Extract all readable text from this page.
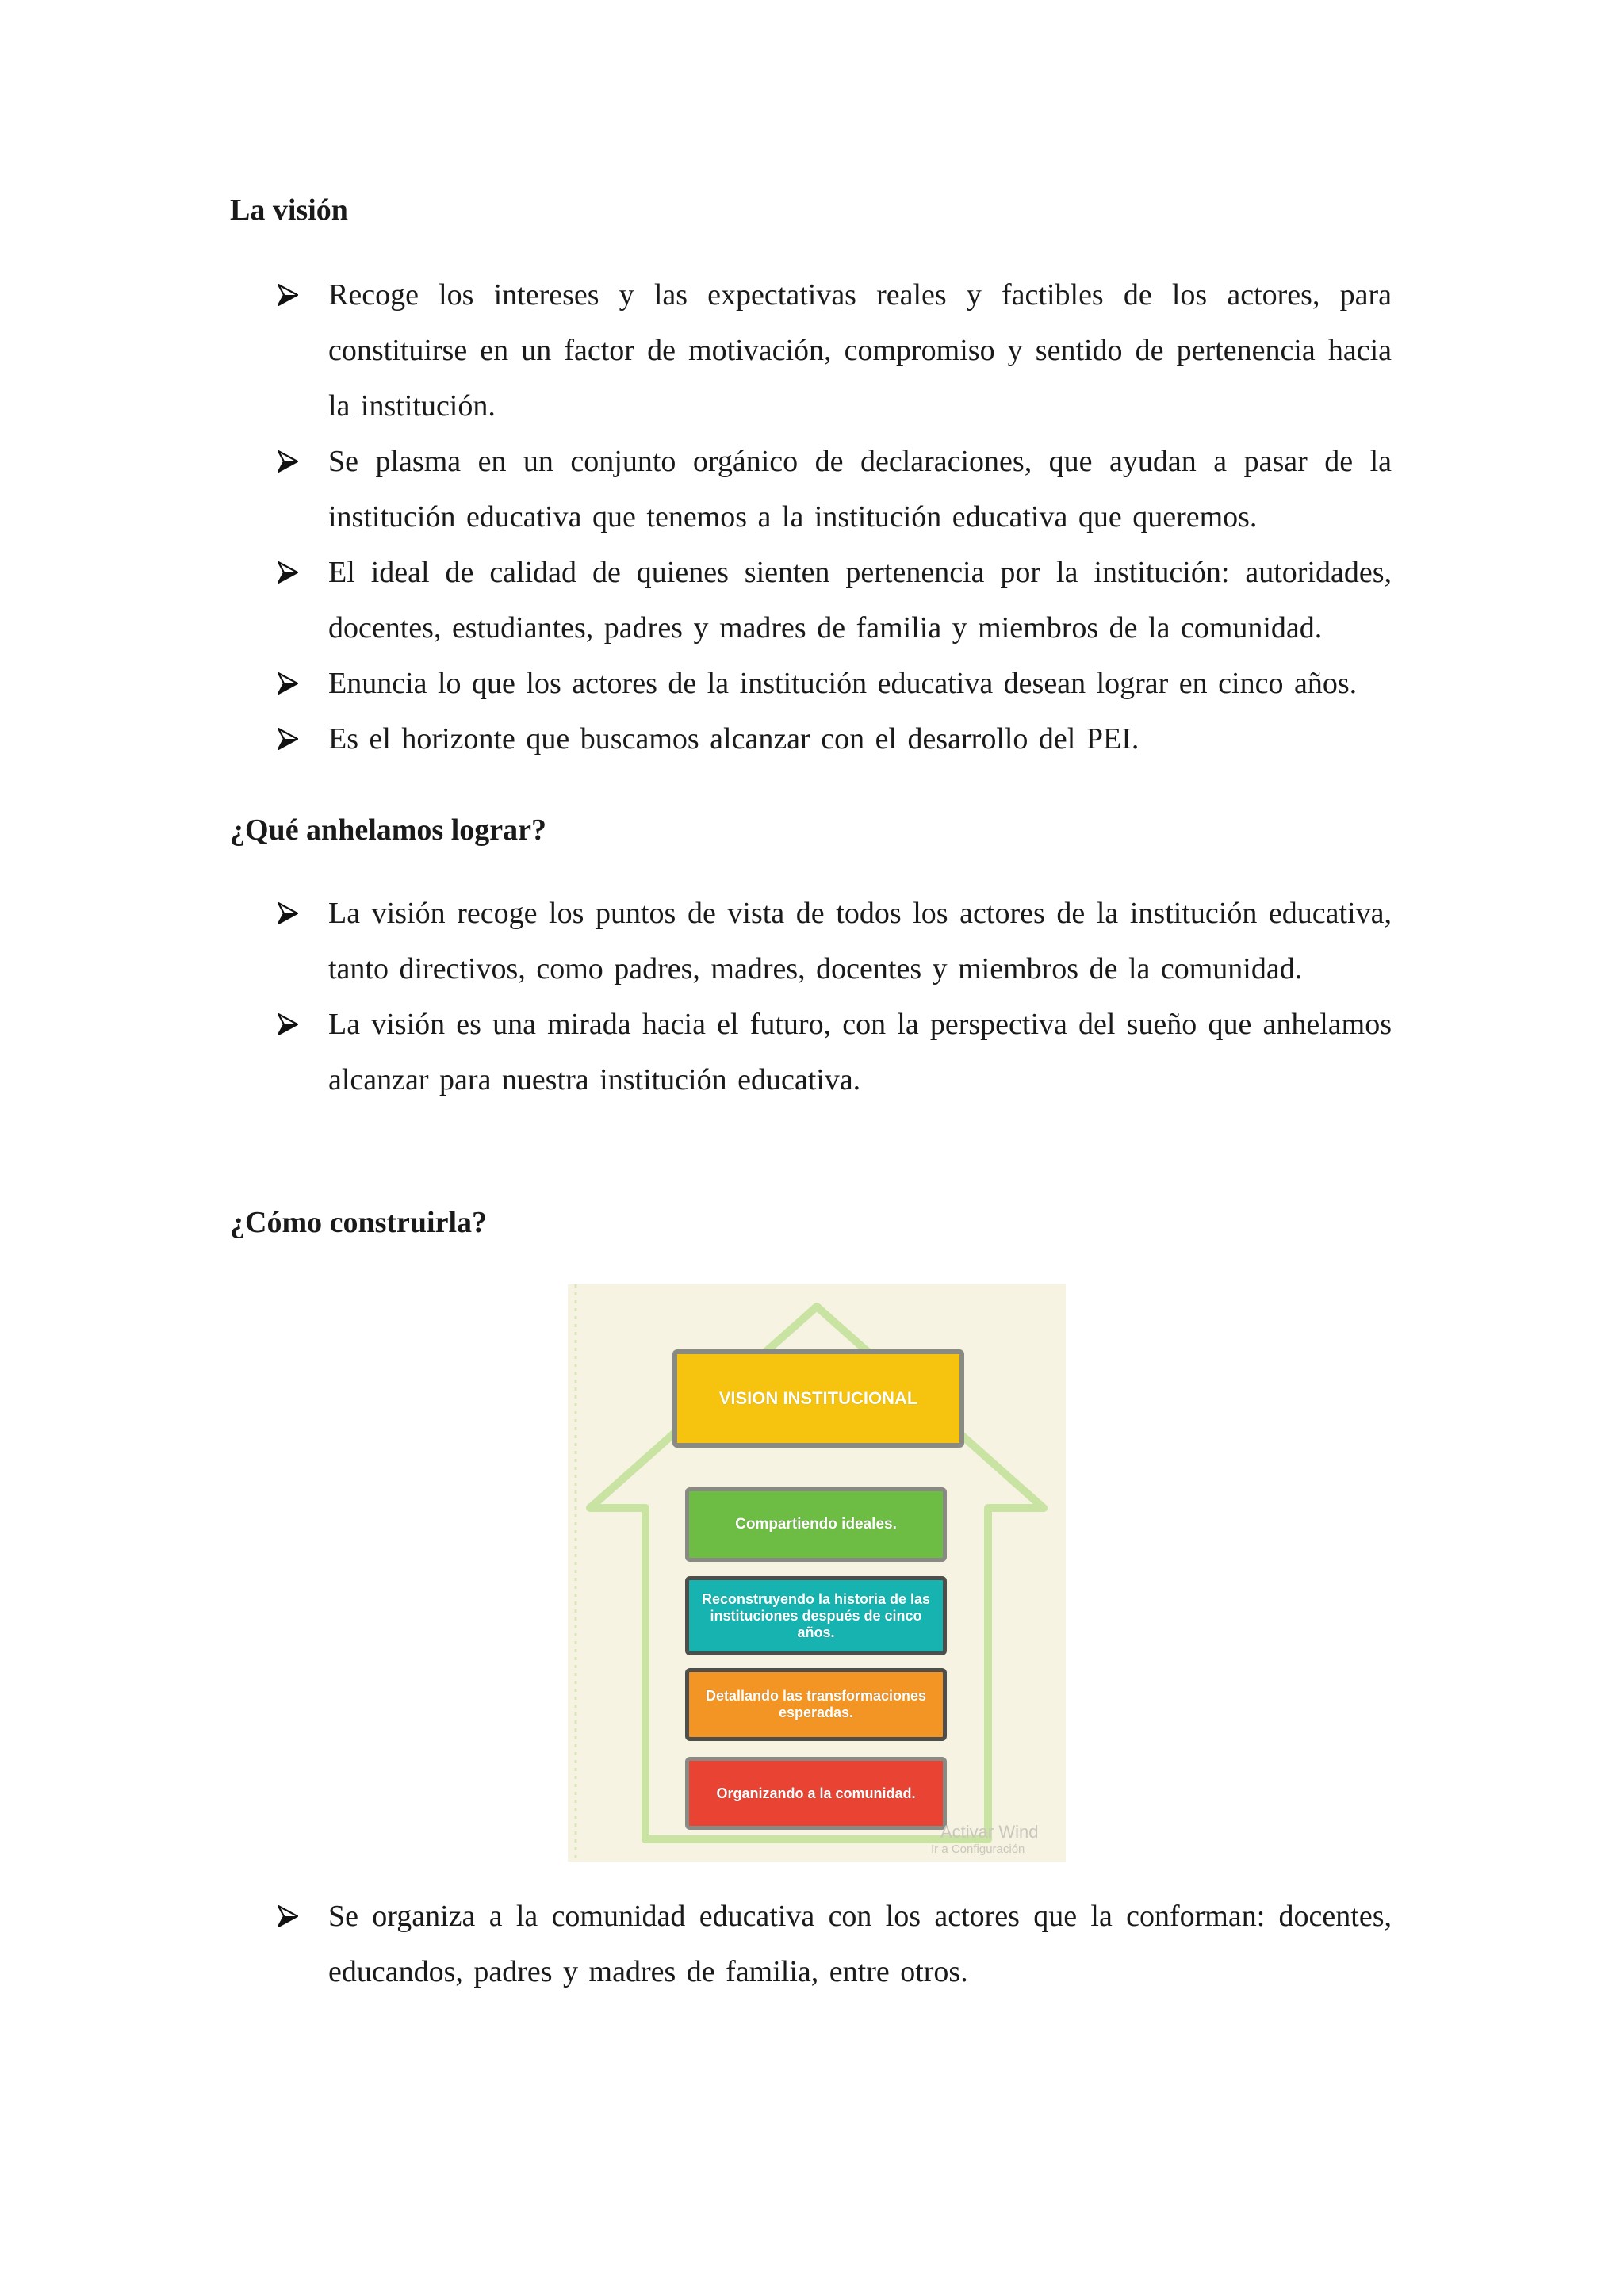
La visión
Recoge los intereses y las expectativas reales y factibles de los actores, para constituirse en un factor de motivación, compromiso y sentido de pertenencia hacia la institución.
Se plasma en un conjunto orgánico de declaraciones, que ayudan a pasar de la institución educativa que tenemos a la institución educativa que queremos.
El ideal de calidad de quienes sienten pertenencia por la institución: autoridades, docentes, estudiantes, padres y madres de familia y miembros de la comunidad.
Enuncia lo que los actores de la institución educativa desean lograr en cinco años.
Es el horizonte que buscamos alcanzar con el desarrollo del PEI.
¿Qué anhelamos lograr?
La visión recoge los puntos de vista de todos los actores de la institución educativa, tanto directivos, como padres, madres, docentes y miembros de la comunidad.
La visión es una mirada hacia el futuro, con la perspectiva del sueño que anhelamos alcanzar para nuestra institución educativa.
¿Cómo construirla?
VISION INSTITUCIONAL
Compartiendo ideales.
Reconstruyendo la historia de las instituciones después de cinco años.
Detallando las transformaciones esperadas.
Organizando a la comunidad.
Activar Wind
Ir a Configuración
Se organiza a la comunidad educativa con los actores que la conforman: docentes, educandos, padres y madres de familia, entre otros.
